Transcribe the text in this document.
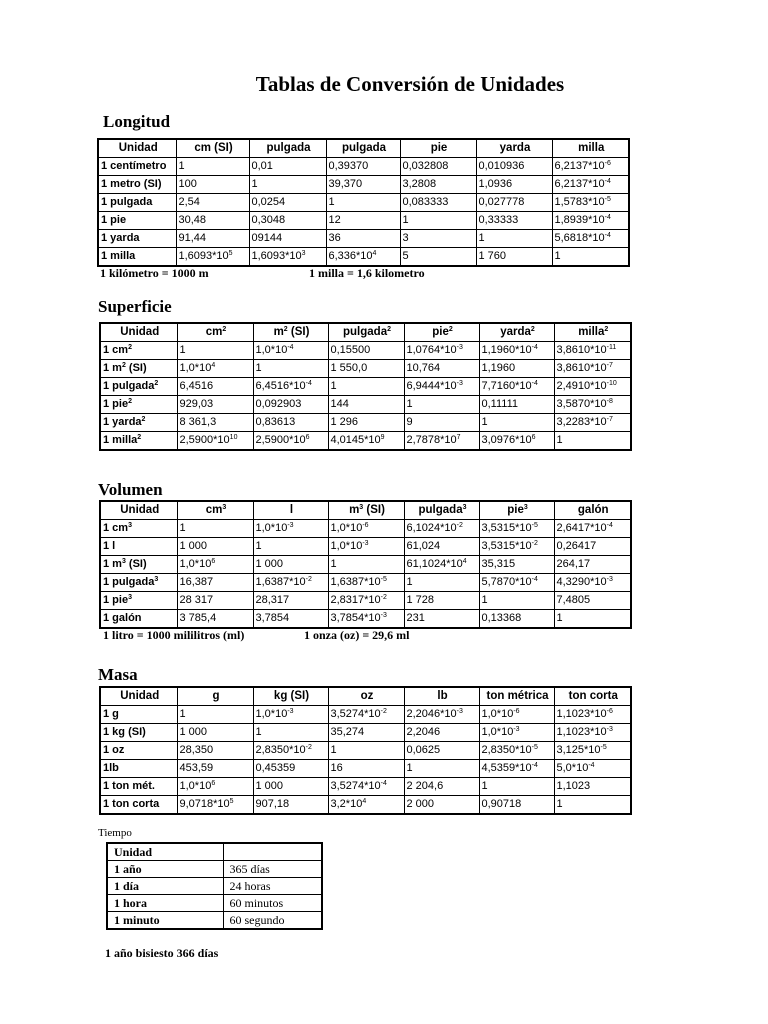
Tablas de Conversión de Unidades
Longitud
Unidad	cm (SI)	pulgada	pulgada	pie	yarda	milla
1 centímetro	1	0,01	0,39370	0,032808	0,010936	$6,2137*10^{-6}$
1 metro (SI)	100	1	39,370	3,2808	1,0936	$6,2137*10^{-4}$
1 pulgada	2,54	0,0254	1	0,083333	0,027778	$1,5783*10^{-5}$
1 pie	30,48	0,3048	12	1	0,33333	$1,8939*10^{-4}$
1 yarda	91,44	09144	36	3	1	$5,6818*10^{-4}$
1 milla	$1,6093*10^5$	$1,6093*10^3$	$6,336*10^4$	5	1 760	1
1 kilómetro = 1000 m	1 milla = 1,6 kilometro
Superficie
Unidad	$cm^2$	$m^2$ (SI)	pulgada$^2$	pie$^2$	yarda$^2$	milla$^2$
1 $cm^2$	1	$1,0*10^{-4}$	0,15500	$1,0764*10^{-3}$	$1,1960*10^{-4}$	$3,8610*10^{-11}$
1 $m^2$ (SI)	$1,0*10^4$	1	1 550,0	10,764	1,1960	$3,8610*10^{-7}$
1 pulgada$^2$	6,4516	$6,4516*10^{-4}$	1	$6,9444*10^{-3}$	$7,7160*10^{-4}$	$2,4910*10^{-10}$
1 pie$^2$	929,03	0,092903	144	1	0,11111	$3,5870*10^{-8}$
1 yarda$^2$	8 361,3	0,83613	1 296	9	1	$3,2283*10^{-7}$
1 milla$^2$	$2,5900*10^{10}$	$2,5900*10^6$	$4,0145*10^9$	$2,7878*10^7$	$3,0976*10^6$	1
Volumen
Unidad	$cm^3$	l	$m^3$ (SI)	pulgada$^3$	pie$^3$	galón
1 $cm^3$	1	$1,0*10^{-3}$	$1,0*10^{-6}$	$6,1024*10^{-2}$	$3,5315*10^{-5}$	$2,6417*10^{-4}$
1 l	1 000	1	$1,0*10^{-3}$	61,024	$3,5315*10^{-2}$	0,26417
1 $m^3$ (SI)	$1,0*10^6$	1 000	1	$61,1024*10^4$	35,315	264,17
1 pulgada$^3$	16,387	$1,6387*10^{-2}$	$1,6387*10^{-5}$	1	$5,7870*10^{-4}$	$4,3290*10^{-3}$
1 pie$^3$	28 317	28,317	$2,8317*10^{-2}$	1 728	1	7,4805
1 galón	3 785,4	3,7854	$3,7854*10^{-3}$	231	0,13368	1
1 litro = 1000 mililitros (ml)	1 onza (oz) = 29,6 ml
Masa
Unidad	g	kg (SI)	oz	lb	ton métrica	ton corta
1 g	1	$1,0*10^{-3}$	$3,5274*10^{-2}$	$2,2046*10^{-3}$	$1,0*10^{-6}$	$1,1023*10^{-6}$
1 kg (SI)	1 000	1	35,274	2,2046	$1,0*10^{-3}$	$1,1023*10^{-3}$
1 oz	28,350	$2,8350*10^{-2}$	1	0,0625	$2,8350*10^{-5}$	$3,125*10^{-5}$
1lb	453,59	0,45359	16	1	$4,5359*10^{-4}$	$5,0*10^{-4}$
1 ton mét.	$1,0*10^6$	1 000	$3,5274*10^{-4}$	2 204,6	1	1,1023
1 ton corta	$9,0718*10^5$	907,18	$3,2*10^4$	2 000	0,90718	1
Tiempo
Unidad	
1 año	365 días
1 día	24 horas
1 hora	60 minutos
1 minuto	60 segundo
1 año bisiesto 366 días
